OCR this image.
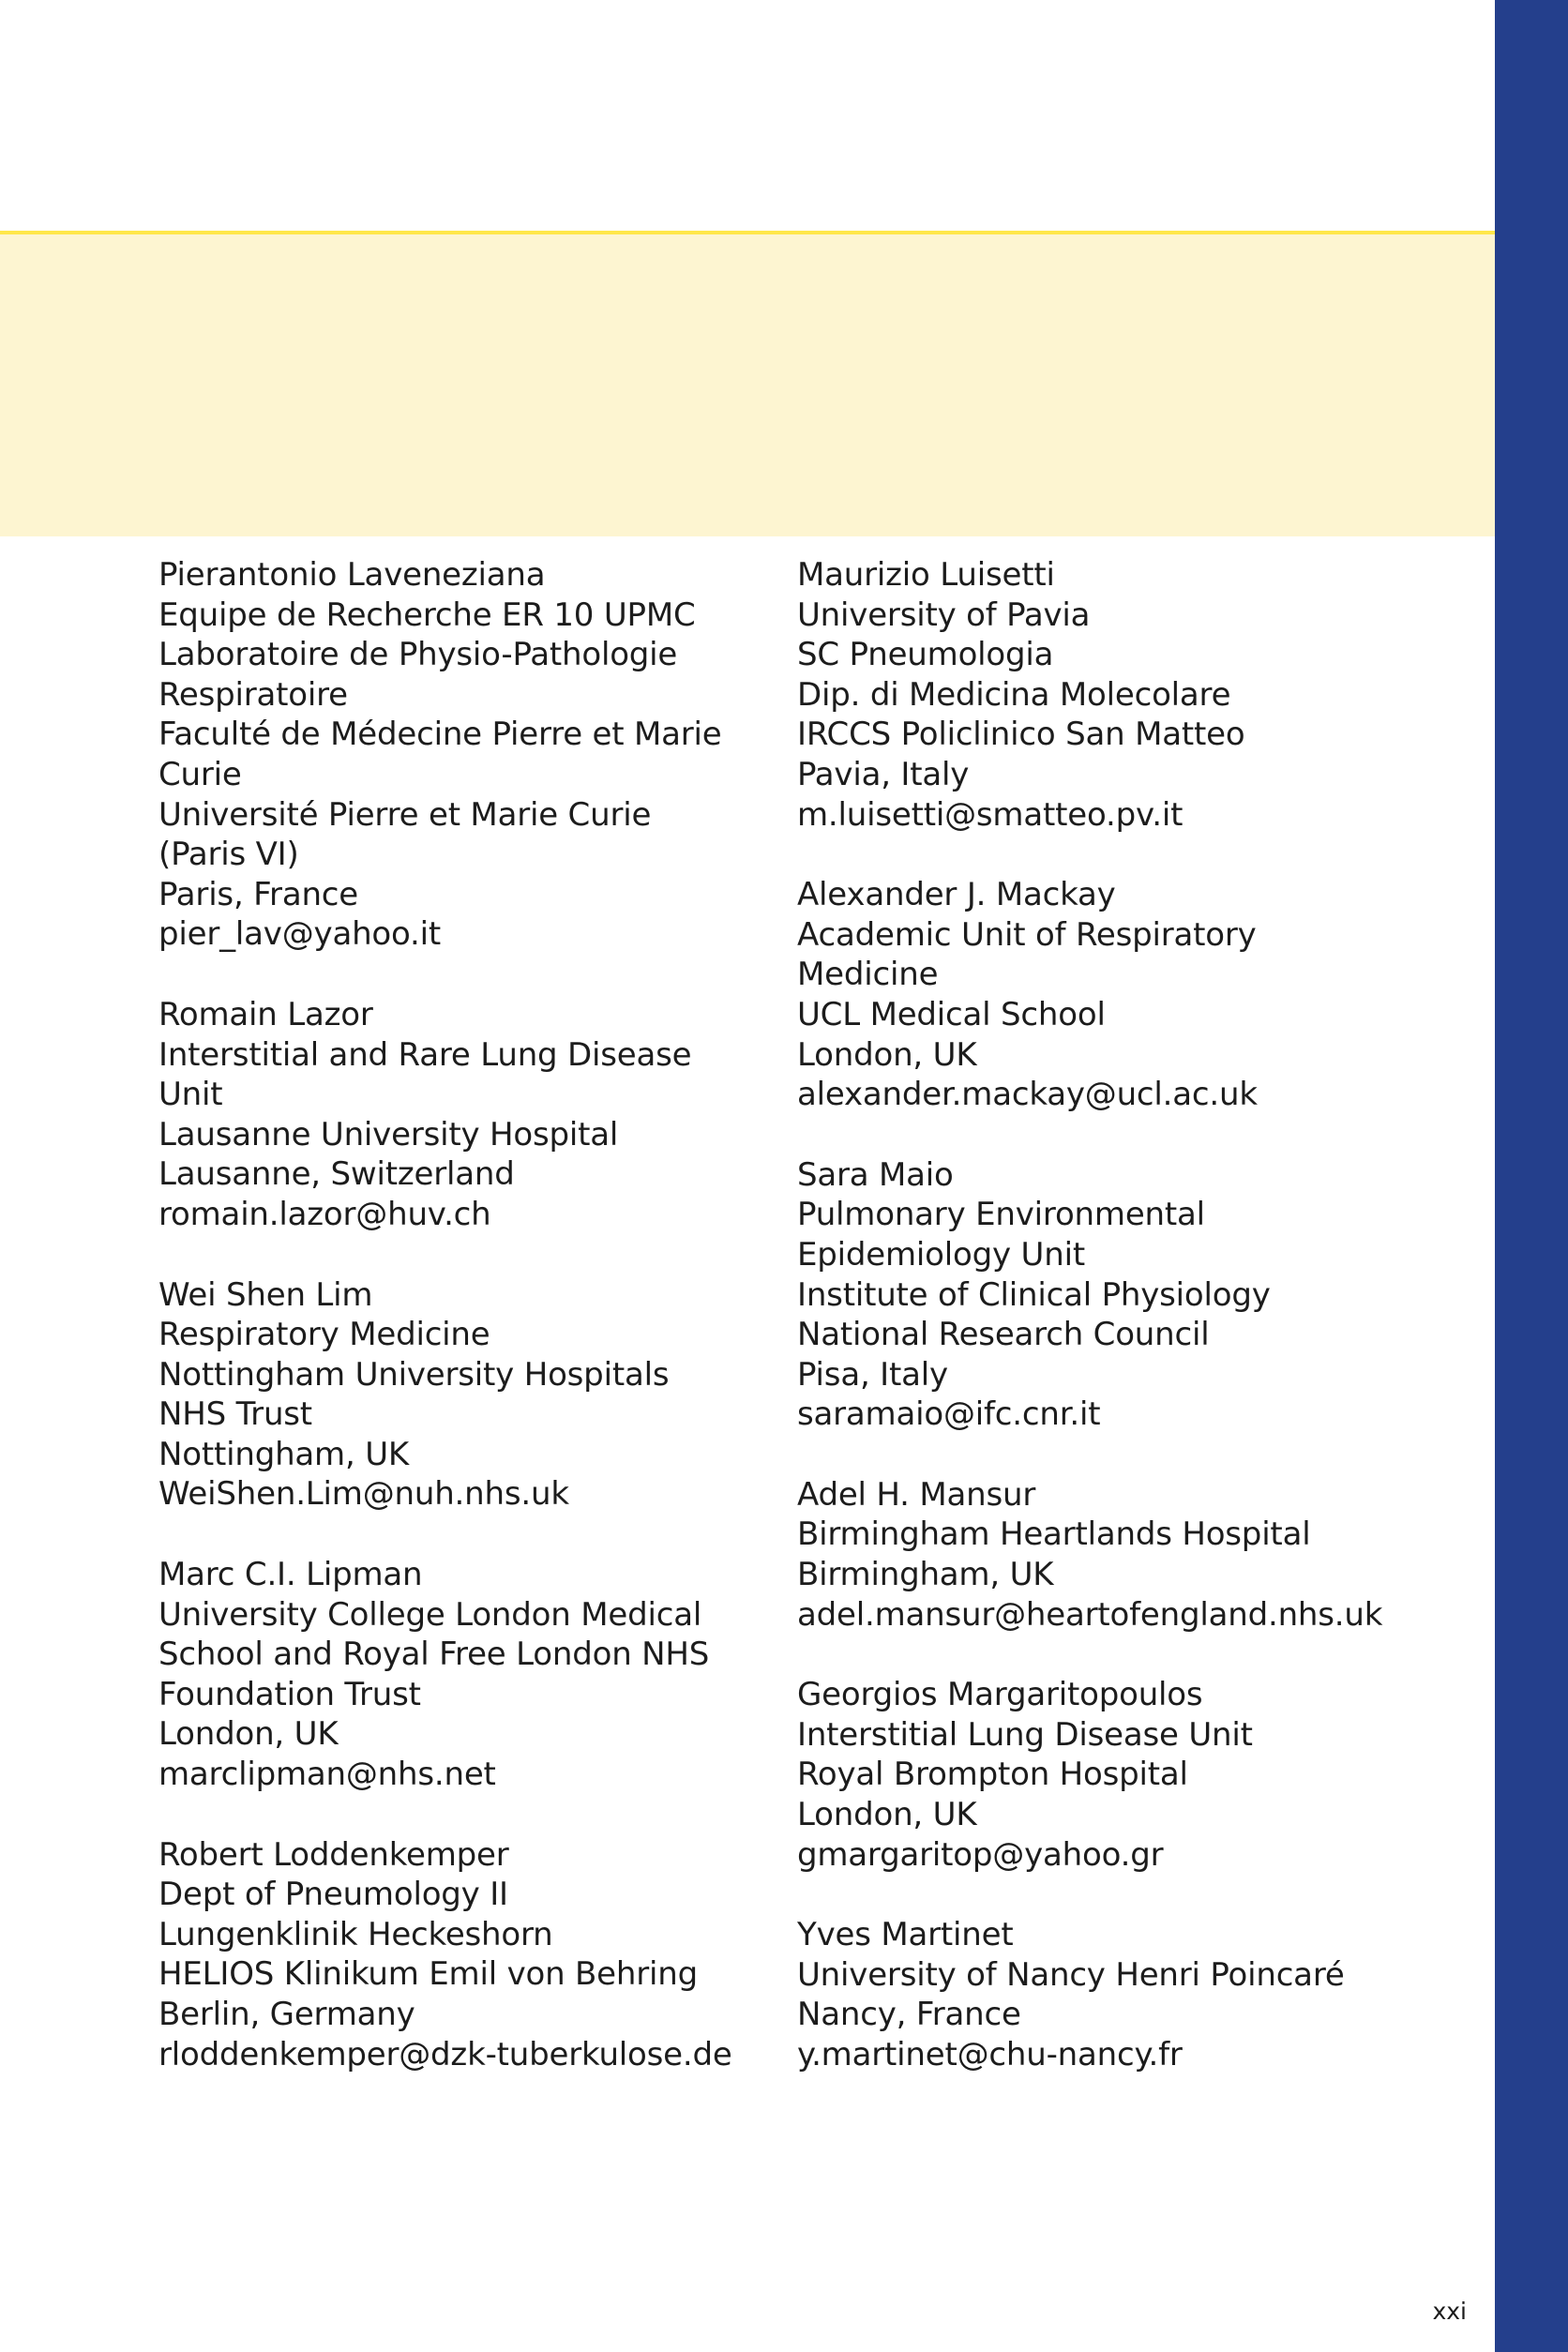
Pierantonio Laveneziana
Equipe de Recherche ER 10 UPMC
Laboratoire de Physio-Pathologie
Respiratoire
Faculté de Médecine Pierre et Marie
Curie
Université Pierre et Marie Curie
(Paris VI)
Paris, France
pier_lav@yahoo.it
Romain Lazor
Interstitial and Rare Lung Disease
Unit
Lausanne University Hospital
Lausanne, Switzerland
romain.lazor@huv.ch
Wei Shen Lim
Respiratory Medicine
Nottingham University Hospitals
NHS Trust
Nottingham, UK
WeiShen.Lim@nuh.nhs.uk
Marc C.I. Lipman
University College London Medical
School and Royal Free London NHS
Foundation Trust
London, UK
marclipman@nhs.net
Robert Loddenkemper
Dept of Pneumology II
Lungenklinik Heckeshorn
HELIOS Klinikum Emil von Behring
Berlin, Germany
rloddenkemper@dzk-tuberkulose.de
Maurizio Luisetti
University of Pavia
SC Pneumologia
Dip. di Medicina Molecolare
IRCCS Policlinico San Matteo
Pavia, Italy
m.luisetti@smatteo.pv.it
Alexander J. Mackay
Academic Unit of Respiratory
Medicine
UCL Medical School
London, UK
alexander.mackay@ucl.ac.uk
Sara Maio
Pulmonary Environmental
Epidemiology Unit
Institute of Clinical Physiology
National Research Council
Pisa, Italy
saramaio@ifc.cnr.it
Adel H. Mansur
Birmingham Heartlands Hospital
Birmingham, UK
adel.mansur@heartofengland.nhs.uk
Georgios Margaritopoulos
Interstitial Lung Disease Unit
Royal Brompton Hospital
London, UK
gmargaritop@yahoo.gr
Yves Martinet
University of Nancy Henri Poincaré
Nancy, France
y.martinet@chu-nancy.fr
xxi
